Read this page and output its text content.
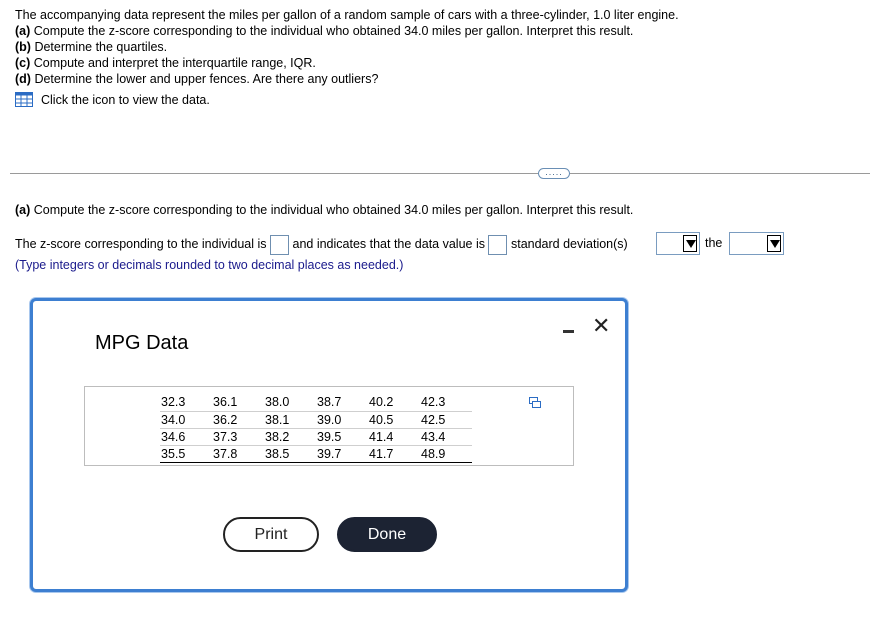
The accompanying data represent the miles per gallon of a random sample of cars with a three-cylinder, 1.0 liter engine.
(a) Compute the z-score corresponding to the individual who obtained 34.0 miles per gallon. Interpret this result.
(b) Determine the quartiles.
(c) Compute and interpret the interquartile range, IQR.
(d) Determine the lower and upper fences. Are there any outliers?
Click the icon to view the data.
.....
(a) Compute the z-score corresponding to the individual who obtained 34.0 miles per gallon. Interpret this result.
The z-score corresponding to the individual is and indicates that the data value is standard deviation(s)	the
(Type integers or decimals rounded to two decimal places as needed.)
MPG Data
✕
32.3	36.1	38.0	38.7	40.2	42.3
34.0	36.2	38.1	39.0	40.5	42.5
34.6	37.3	38.2	39.5	41.4	43.4
35.5	37.8	38.5	39.7	41.7	48.9
Print	Done
